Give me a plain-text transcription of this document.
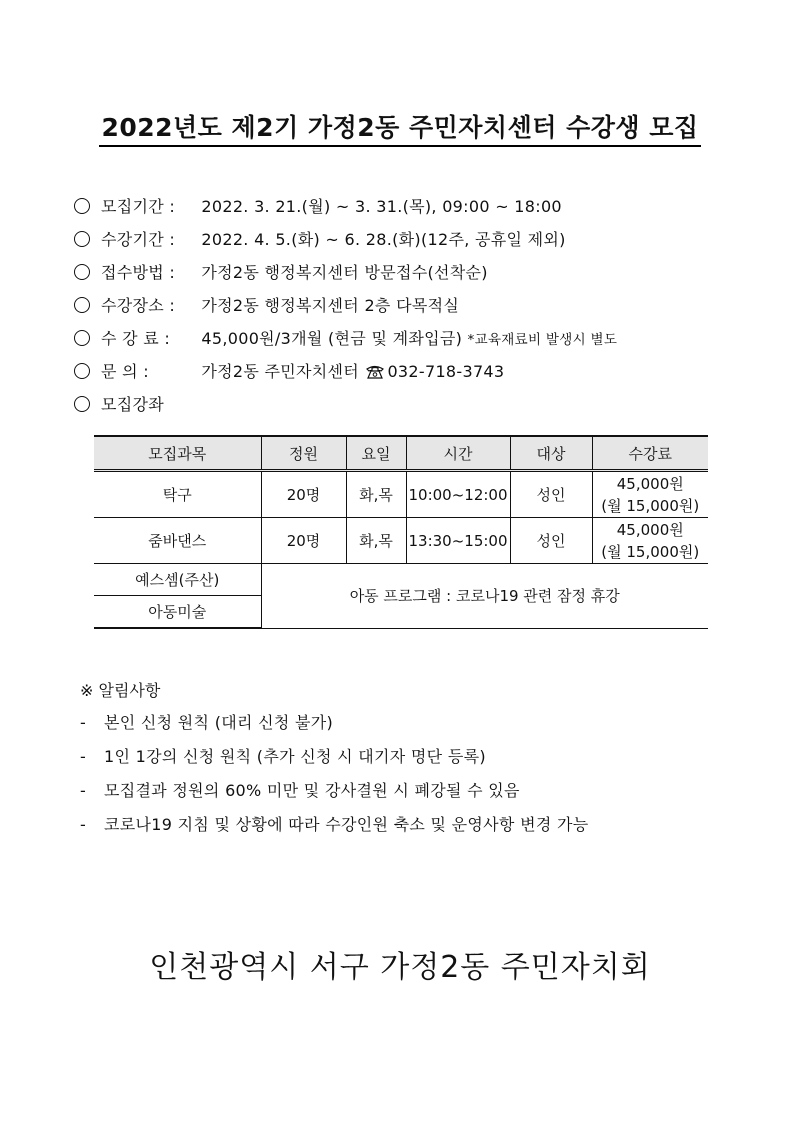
2022년도 제2기 가정2동 주민자치센터 수강생 모집
모집기간 : 2022. 3. 21.(월) ~ 3. 31.(목), 09:00 ~ 18:00
수강기간 : 2022. 4. 5.(화) ~ 6. 28.(화)(12주, 공휴일 제외)
접수방법 : 가정2동 행정복지센터 방문접수(선착순)
수강장소 : 가정2동 행정복지센터 2층 다목적실
수 강 료 : 45,000원/3개월 (현금 및 계좌입금) *교육재료비 발생시 별도
문 의 :	가정2동 주민자치센터 032-718-3743
모집강좌
모집과목	정원	요일	시간	대상	수강료
탁구	20명	화,목	10:00~12:00	성인	45,000원
(월 15,000원)

줌바댄스	20명	화,목	13:30~15:00	성인	45,000원
(월 15,000원)

예스셈(주산)	아동 프로그램 : 코로나19 관련 잠정 휴강				
아동미술					
※ 알림사항
- 본인 신청 원칙 (대리 신청 불가)
- 1인 1강의 신청 원칙 (추가 신청 시 대기자 명단 등록)
- 모집결과 정원의 60% 미만 및 강사결원 시 폐강될 수 있음
- 코로나19 지침 및 상황에 따라 수강인원 축소 및 운영사항 변경 가능
인천광역시 서구 가정2동 주민자치회
